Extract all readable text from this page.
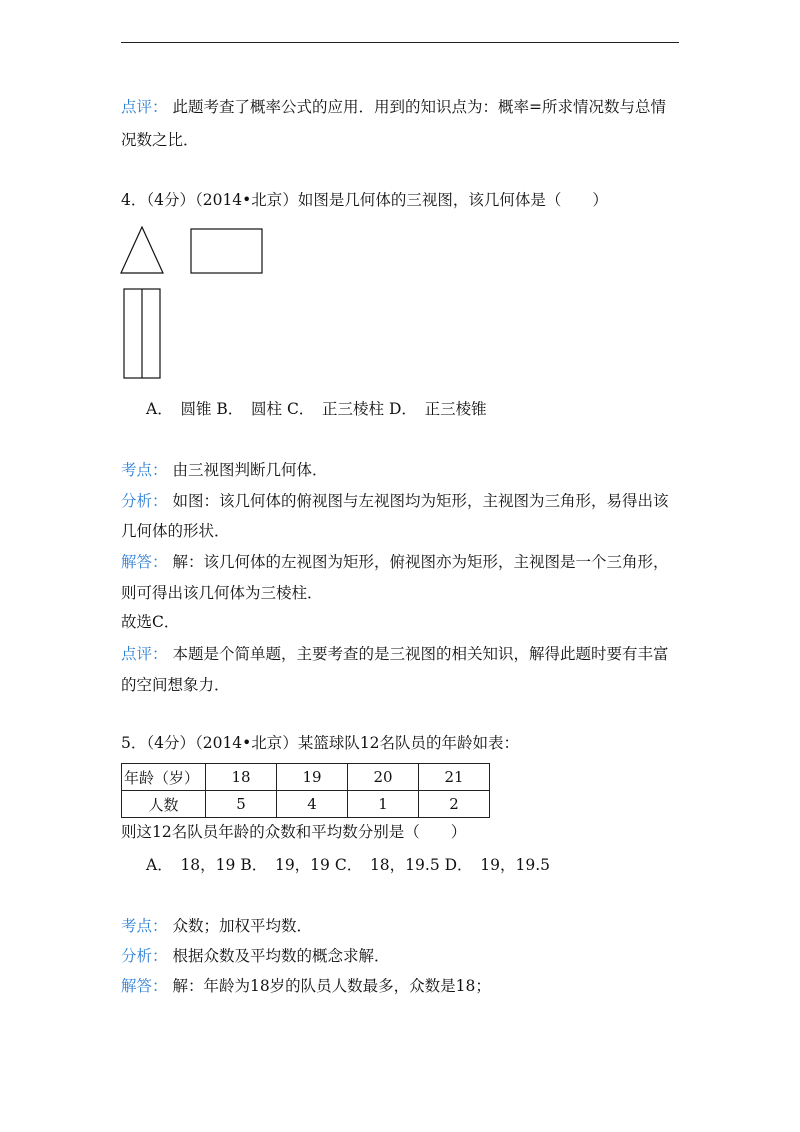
点评： 此题考查了概率公式的应用．用到的知识点为：概率=所求情况数与总情
况数之比．
4．（4分）（2014•北京）如图是几何体的三视图，该几何体是（　　）
A．　圆锥 B．　圆柱 C．　正三棱柱 D．　正三棱锥
考点： 由三视图判断几何体．
分析： 如图：该几何体的俯视图与左视图均为矩形，主视图为三角形，易得出该
几何体的形状．
解答： 解：该几何体的左视图为矩形，俯视图亦为矩形，主视图是一个三角形，
则可得出该几何体为三棱柱．
故选C．
点评： 本题是个简单题，主要考查的是三视图的相关知识，解得此题时要有丰富
的空间想象力．
5．（4分）（2014•北京）某篮球队12名队员的年龄如表：
年龄（岁）	18	19	20	21
人数	5	4	1	2
则这12名队员年龄的众数和平均数分别是（　　）
A．　18，19 B．　19，19 C．　18，19.5 D．　19，19.5
考点： 众数；加权平均数．
分析： 根据众数及平均数的概念求解．
解答： 解：年龄为18岁的队员人数最多，众数是18；
